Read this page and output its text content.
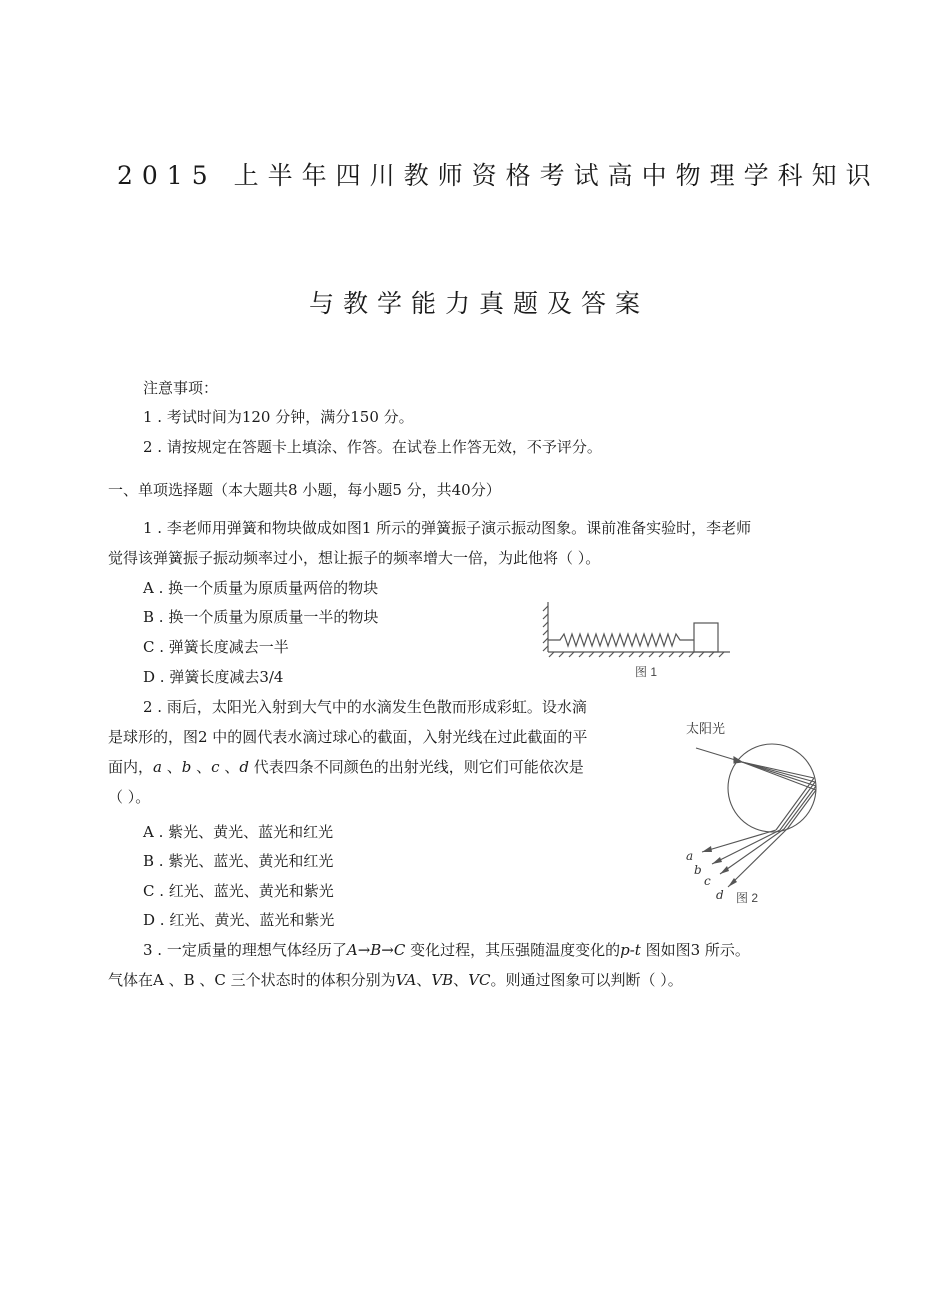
2015 上半年四川教师资格考试高中物理学科知识
与教学能力真题及答案
注意事项：
1 . 考试时间为120 分钟，满分150 分。
2 . 请按规定在答题卡上填涂、作答。在试卷上作答无效，不予评分。
一、单项选择题（本大题共8 小题，每小题5 分，共40分）
1 . 李老师用弹簧和物块做成如图1 所示的弹簧振子演示振动图象。课前准备实验时，李老师
觉得该弹簧振子振动频率过小，想让振子的频率增大一倍，为此他将（ ）。
A . 换一个质量为原质量两倍的物块
B . 换一个质量为原质量一半的物块
C . 弹簧长度减去一半
D . 弹簧长度减去3/4	图 1
2 . 雨后，太阳光入射到大气中的水滴发生色散而形成彩虹。设水滴
是球形的，图2 中的圆代表水滴过球心的截面，入射光线在过此截面的平
面内，a 、b 、c 、d 代表四条不同颜色的出射光线，则它们可能依次是
（ ）。
A . 紫光、黄光、蓝光和红光
B . 紫光、蓝光、黄光和红光
C . 红光、蓝光、黄光和紫光
D . 红光、黄光、蓝光和紫光
太阳光
a
b
c
d 图 2
3 . 一定质量的理想气体经历了A→B→C 变化过程，其压强随温度变化的p-t 图如图3 所示。
气体在A 、B 、C 三个状态时的体积分别为VA、VB、VC。则通过图象可以判断（ ）。
